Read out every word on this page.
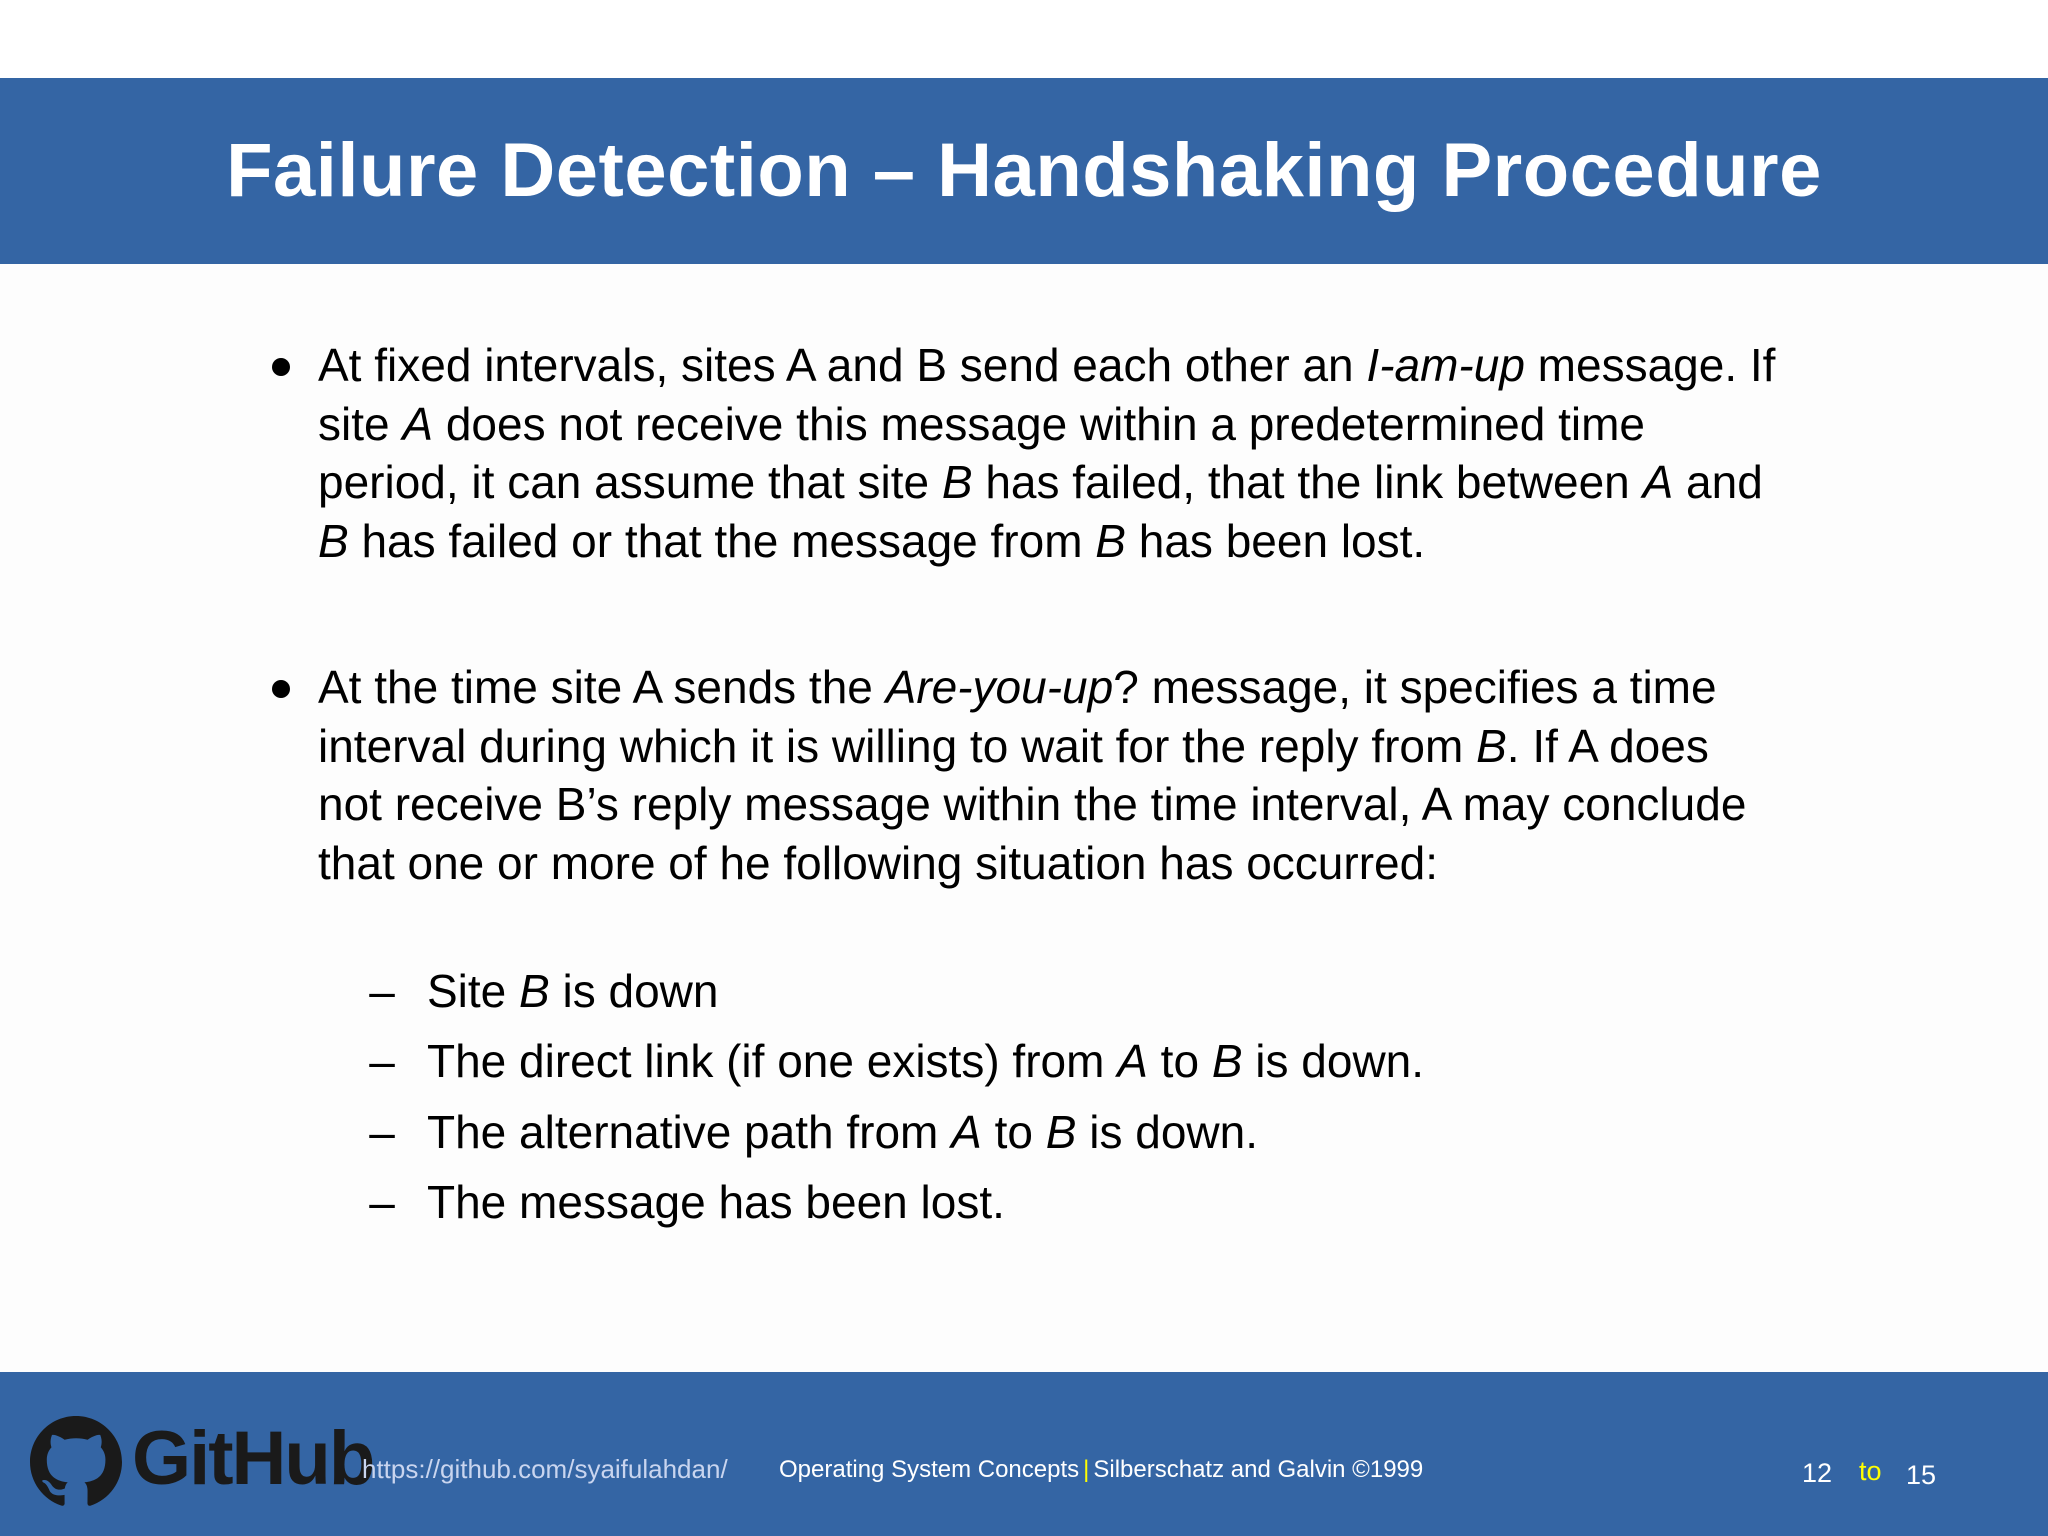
Failure Detection – Handshaking Procedure
At fixed intervals, sites A and B send each other an I-am-up message. If site A does not receive this message within a predetermined time period, it can assume that site B has failed, that the link between A and B has failed or that the message from B has been lost.
At the time site A sends the Are-you-up? message, it specifies a time interval during which it is willing to wait for the reply from B. If A does not receive B’s reply message within the time interval, A may conclude that one or more of he following situation has occurred:
– Site B is down
– The direct link (if one exists) from A to B is down.
– The alternative path from A to B is down.
– The message has been lost.
GitHub
https://github.com/syaifulahdan/ Operating System Concepts | Silberschatz and Galvin ©1999	12 to 15
